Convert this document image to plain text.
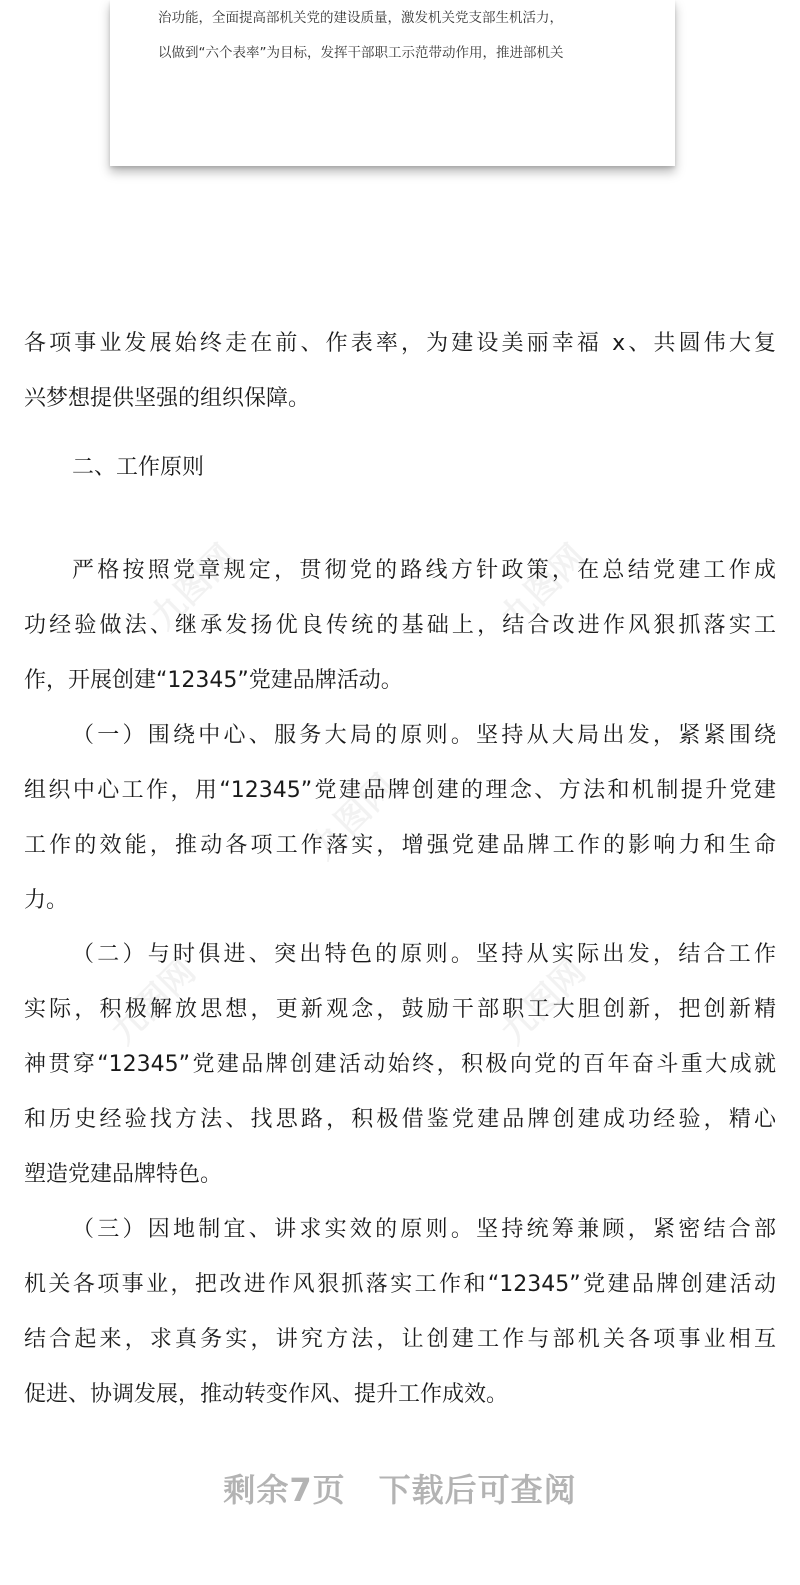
治功能，全面提高部机关党的建设质量，激发机关党支部生机活力，
以做到“六个表率”为目标，发挥干部职工示范带动作用，推进部机关
九图网	九图网
九图网
九图网	九图网
各项事业发展始终走在前、作表率，为建设美丽幸福 x、共圆伟大复
兴梦想提供坚强的组织保障。
二、工作原则
严格按照党章规定，贯彻党的路线方针政策，在总结党建工作成
功经验做法、继承发扬优良传统的基础上，结合改进作风狠抓落实工
作，开展创建“12345”党建品牌活动。
（一）围绕中心、服务大局的原则。坚持从大局出发，紧紧围绕
组织中心工作，用“12345”党建品牌创建的理念、方法和机制提升党建
工作的效能，推动各项工作落实，增强党建品牌工作的影响力和生命
力。
（二）与时俱进、突出特色的原则。坚持从实际出发，结合工作
实际，积极解放思想，更新观念，鼓励干部职工大胆创新，把创新精
神贯穿“12345”党建品牌创建活动始终，积极向党的百年奋斗重大成就
和历史经验找方法、找思路，积极借鉴党建品牌创建成功经验，精心
塑造党建品牌特色。
（三）因地制宜、讲求实效的原则。坚持统筹兼顾，紧密结合部
机关各项事业，把改进作风狠抓落实工作和“12345”党建品牌创建活动
结合起来，求真务实，讲究方法，让创建工作与部机关各项事业相互
促进、协调发展，推动转变作风、提升工作成效。
剩余7页　下载后可查阅
